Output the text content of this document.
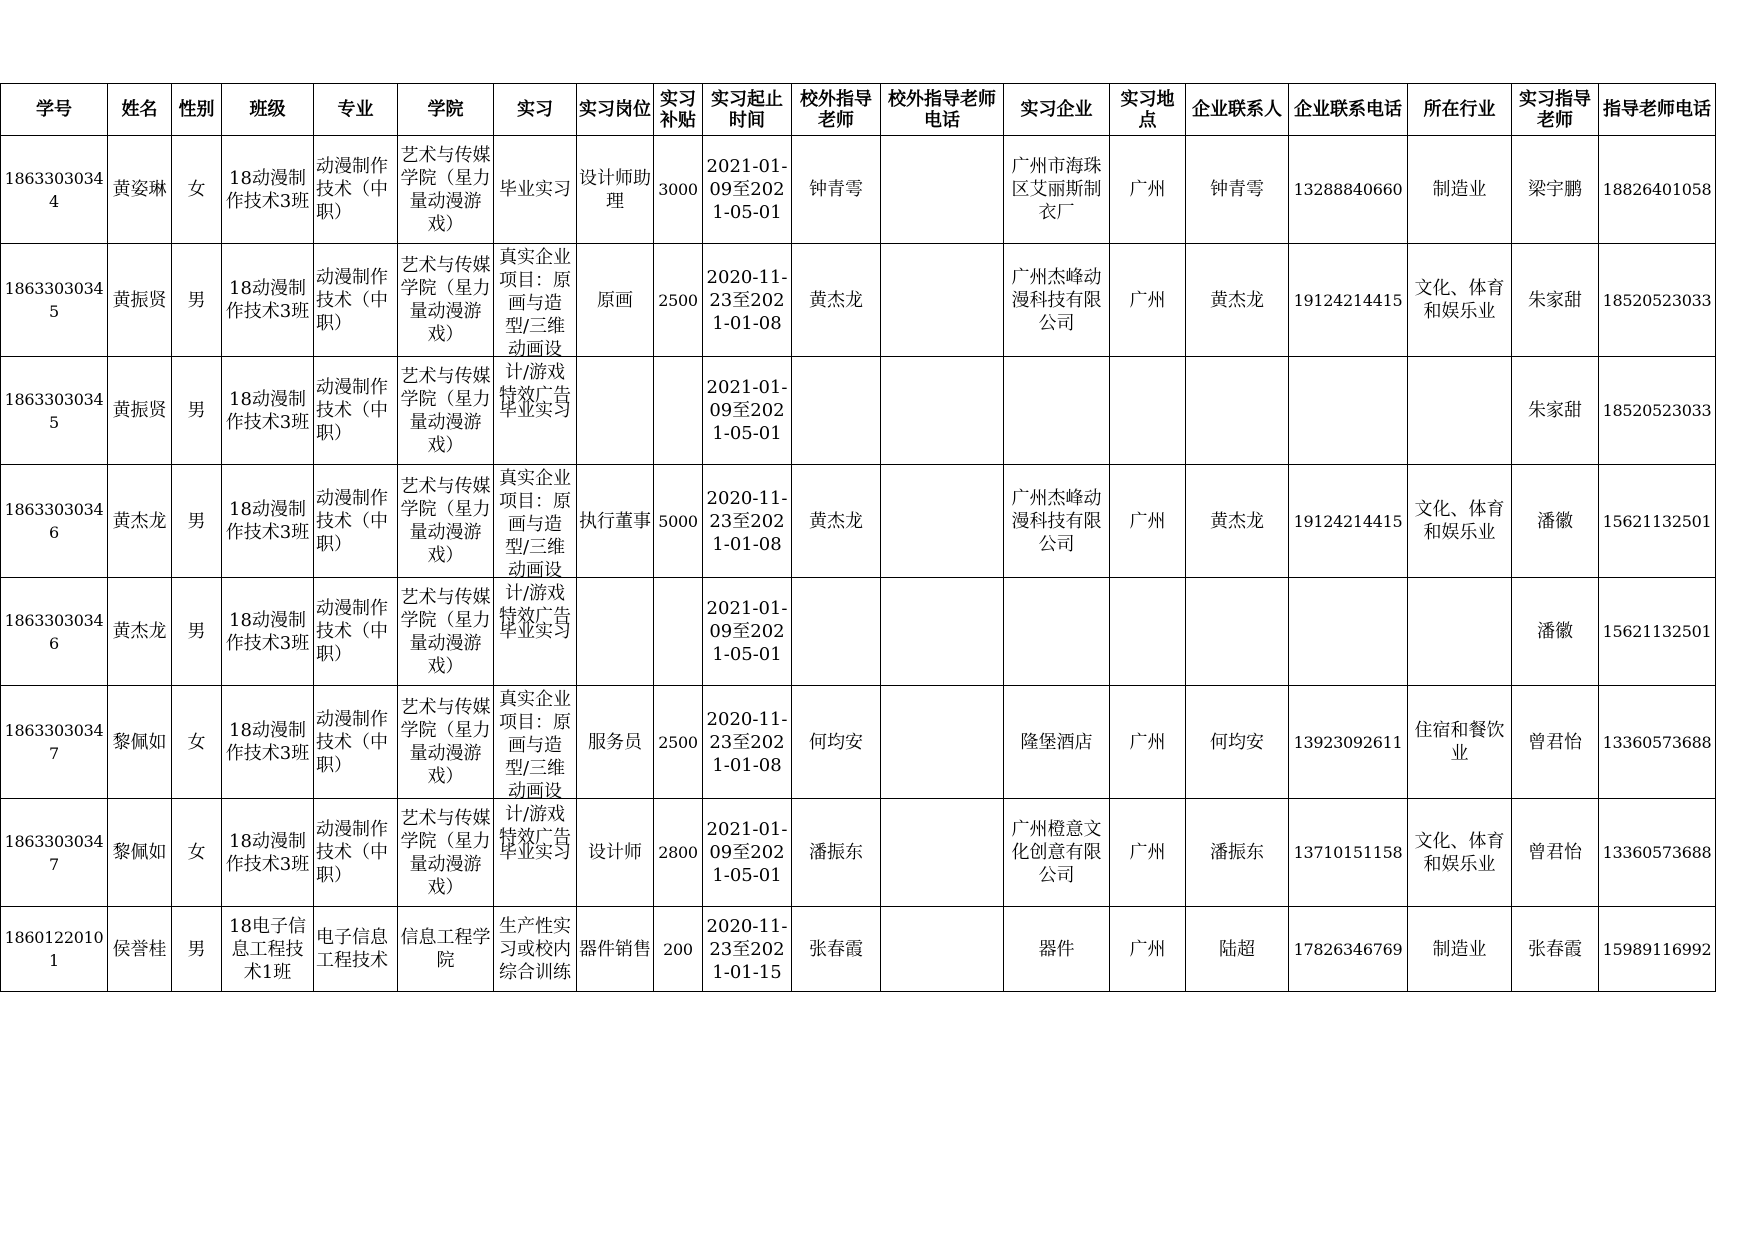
学号	姓名	性别	班级	专业	学院	实习	实习岗位	实习补贴	实习起止时间	校外指导老师	校外指导老师电话	实习企业	实习地点	企业联系人	企业联系电话	所在行业	实习指导老师	指导老师电话

18633030344	黄姿琳	女	18动漫制作技术3班	动漫制作技术（中职）	艺术与传媒学院（星力量动漫游戏）	毕业实习	设计师助理	3000	2021-01-09至2021-05-01	钟青雩		广州市海珠区艾丽斯制衣厂	广州	钟青雩	13288840660	制造业	梁宇鹏	18826401058

18633030345	黄振贤	男	18动漫制作技术3班	动漫制作技术（中职）	艺术与传媒学院（星力量动漫游戏）	真实企业项目：原画与造型/三维动画设计/游戏特效广告	原画	2500	2020-11-23至2021-01-08	黄杰龙		广州杰峰动漫科技有限公司	广州	黄杰龙	19124214415	文化、体育和娱乐业	朱家甜	18520523033

18633030345	黄振贤	男	18动漫制作技术3班	动漫制作技术（中职）	艺术与传媒学院（星力量动漫游戏）	毕业实习			2021-01-09至2021-05-01								朱家甜	18520523033

18633030346	黄杰龙	男	18动漫制作技术3班	动漫制作技术（中职）	艺术与传媒学院（星力量动漫游戏）	真实企业项目：原画与造型/三维动画设计/游戏特效广告	执行董事	5000	2020-11-23至2021-01-08	黄杰龙		广州杰峰动漫科技有限公司	广州	黄杰龙	19124214415	文化、体育和娱乐业	潘徽	15621132501

18633030346	黄杰龙	男	18动漫制作技术3班	动漫制作技术（中职）	艺术与传媒学院（星力量动漫游戏）	毕业实习			2021-01-09至2021-05-01								潘徽	15621132501

18633030347	黎佩如	女	18动漫制作技术3班	动漫制作技术（中职）	艺术与传媒学院（星力量动漫游戏）	真实企业项目：原画与造型/三维动画设计/游戏特效广告	服务员	2500	2020-11-23至2021-01-08	何均安		隆堡酒店	广州	何均安	13923092611	住宿和餐饮业	曾君怡	13360573688

18633030347	黎佩如	女	18动漫制作技术3班	动漫制作技术（中职）	艺术与传媒学院（星力量动漫游戏）	毕业实习	设计师	2800	2021-01-09至2021-05-01	潘振东		广州橙意文化创意有限公司	广州	潘振东	13710151158	文化、体育和娱乐业	曾君怡	13360573688

18601220101	侯誉桂	男	18电子信息工程技术1班	电子信息工程技术	信息工程学院	生产性实习或校内综合训练	器件销售	200	2020-11-23至2021-01-15	张春霞		器件	广州	陆超	17826346769	制造业	张春霞	15989116992
